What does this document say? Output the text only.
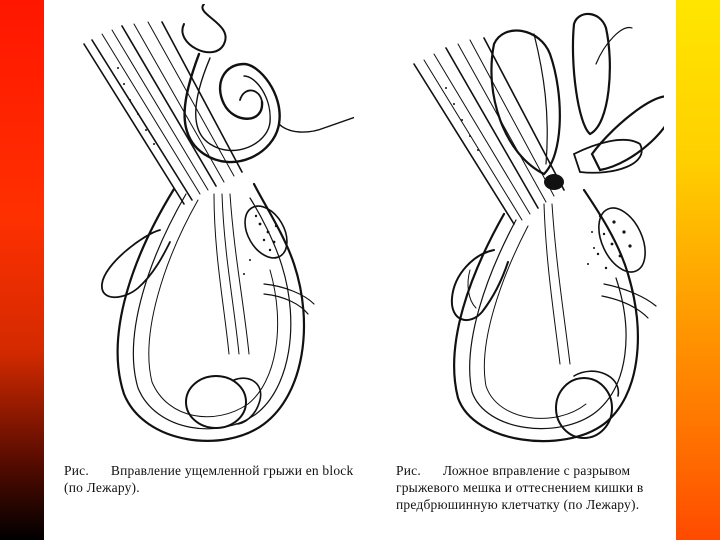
Рис. Вправление ущемленной грыжи en block (по Лежару).
Рис. Ложное вправление с разрывом грыжевого мешка и оттеснением кишки в предбрюшинную клетчатку (по Лежару).
